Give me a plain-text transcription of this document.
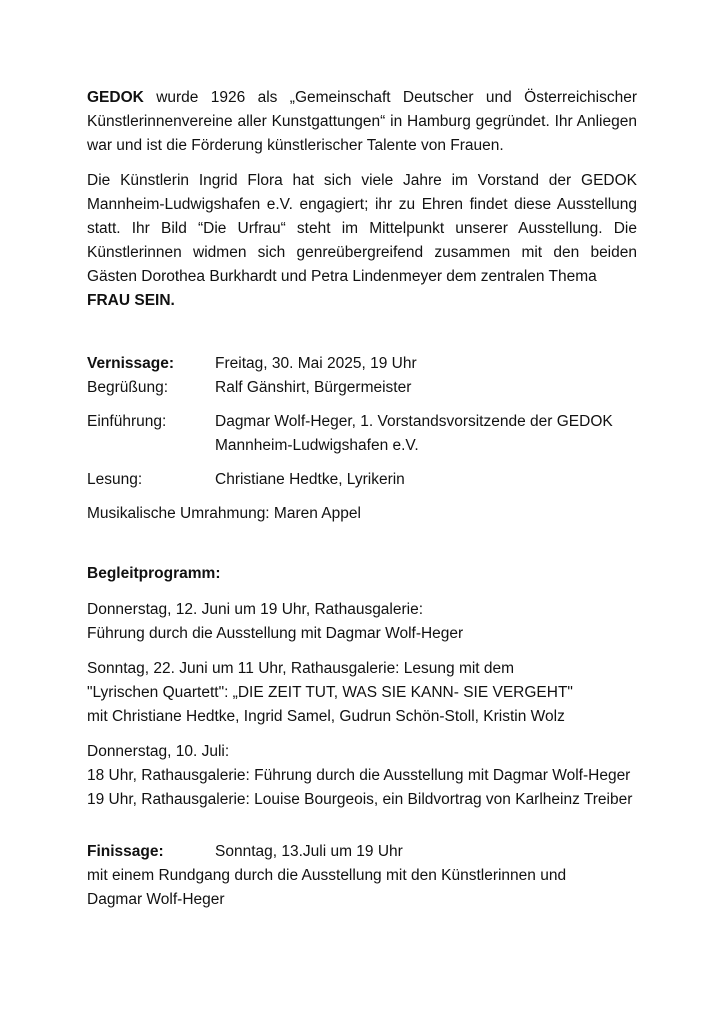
GEDOK wurde 1926 als „Gemeinschaft Deutscher und Österreichischer Künstlerinnenvereine aller Kunstgattungen“ in Hamburg gegründet. Ihr Anliegen war und ist die Förderung künstlerischer Talente von Frauen.

Die Künstlerin Ingrid Flora hat sich viele Jahre im Vorstand der GEDOK Mannheim-Ludwigshafen e.V. engagiert; ihr zu Ehren findet diese Ausstellung statt. Ihr Bild “Die Urfrau“ steht im Mittelpunkt unserer Ausstellung. Die Künstlerinnen widmen sich genreübergreifend zusammen mit den beiden Gästen Dorothea Burkhardt und Petra Lindenmeyer dem zentralen Thema
FRAU SEIN.

Vernissage:	Freitag, 30. Mai 2025, 19 Uhr
Begrüßung:	Ralf Gänshirt, Bürgermeister
Einführung:	Dagmar Wolf-Heger, 1. Vorstandsvorsitzende der GEDOK Mannheim-Ludwigshafen e.V.
Lesung:	Christiane Hedtke, Lyrikerin

Musikalische Umrahmung: Maren Appel

Begleitprogramm:

Donnerstag, 12. Juni um 19 Uhr, Rathausgalerie:

Führung durch die Ausstellung mit Dagmar Wolf-Heger

Sonntag, 22. Juni um 11 Uhr, Rathausgalerie: Lesung mit dem

"Lyrischen Quartett": „DIE ZEIT TUT, WAS SIE KANN- SIE VERGEHT"

mit Christiane Hedtke, Ingrid Samel, Gudrun Schön-Stoll, Kristin Wolz

Donnerstag, 10. Juli:

18 Uhr, Rathausgalerie: Führung durch die Ausstellung mit Dagmar Wolf-Heger

19 Uhr, Rathausgalerie: Louise Bourgeois, ein Bildvortrag von Karlheinz Treiber

Finissage:	Sonntag, 13.Juli um 19 Uhr

mit einem Rundgang durch die Ausstellung mit den Künstlerinnen und

Dagmar Wolf-Heger
